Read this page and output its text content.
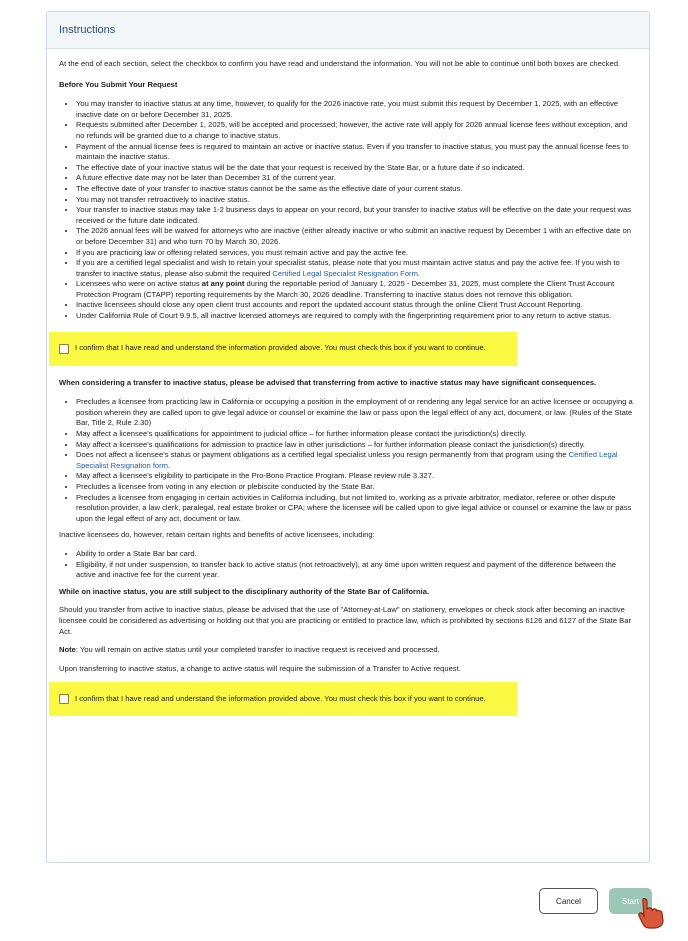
Instructions

At the end of each section, select the checkbox to confirm you have read and understand the information. You will not be able to continue until both boxes are checked.

Before You Submit Your Request
• You may transfer to inactive status at any time, however, to qualify for the 2026 inactive rate, you must submit this request by December 1, 2025, with an effective inactive date on or before December 31, 2025.
• Requests submitted after December 1, 2025, will be accepted and processed; however, the active rate will apply for 2026 annual license fees without exception, and no refunds will be granted due to a change to inactive status.
• Payment of the annual license fees is required to maintain an active or inactive status. Even if you transfer to inactive status, you must pay the annual license fees to maintain the inactive status.
• The effective date of your inactive status will be the date that your request is received by the State Bar, or a future date if so indicated.
• A future effective date may not be later than December 31 of the current year.
• The effective date of your transfer to inactive status cannot be the same as the effective date of your current status.
• You may not transfer retroactively to inactive status.
• Your transfer to inactive status may take 1-2 business days to appear on your record, but your transfer to inactive status will be effective on the date your request was received or the future date indicated.
• The 2026 annual fees will be waived for attorneys who are inactive (either already inactive or who submit an inactive request by December 1 with an effective date on or before December 31) and who turn 70 by March 30, 2026.
• If you are practicing law or offering related services, you must remain active and pay the active fee.
• If you are a certified legal specialist and wish to retain your specialist status, please note that you must maintain active status and pay the active fee. If you wish to transfer to inactive status, please also submit the required Certified Legal Specialist Resignation Form.
• Licensees who were on active status at any point during the reportable period of January 1, 2025 - December 31, 2025, must complete the Client Trust Account Protection Program (CTAPP) reporting requirements by the March 30, 2026 deadline. Transferring to inactive status does not remove this obligation.
• Inactive licensees should close any open client trust accounts and report the updated account status through the online Client Trust Account Reporting.
• Under California Rule of Court 9.9.5, all inactive licensed attorneys are required to comply with the fingerprinting requirement prior to any return to active status.
I confirm that I have read and understand the information provided above. You must check this box if you want to continue.
When considering a transfer to inactive status, please be advised that transferring from active to inactive status may have significant consequences.
• Precludes a licensee from practicing law in California or occupying a position in the employment of or rendering any legal service for an active licensee or occupying a position wherein they are called upon to give legal advice or counsel or examine the law or pass upon the legal effect of any act, document, or law. (Rules of the State Bar, Title 2, Rule 2.30)
• May affect a licensee's qualifications for appointment to judicial office – for further information please contact the jurisdiction(s) directly.
• May affect a licensee's qualifications for admission to practice law in other jurisdictions – for further information please contact the jurisdiction(s) directly.
• Does not affect a licensee's status or payment obligations as a certified legal specialist unless you resign permanently from that program using the Certified Legal Specialist Resignation form.
• May affect a licensee's eligibility to participate in the Pro-Bono Practice Program. Please review rule 3.327.
• Precludes a licensee from voting in any election or plebiscite conducted by the State Bar.
• Precludes a licensee from engaging in certain activities in California including, but not limited to, working as a private arbitrator, mediator, referee or other dispute resolution provider, a law clerk, paralegal, real estate broker or CPA; where the licensee will be called upon to give legal advice or counsel or examine the law or pass upon the legal effect of any act, document or law.

Inactive licensees do, however, retain certain rights and benefits of active licensees, including:

• Ability to order a State Bar bar card.
• Eligibility, if not under suspension, to transfer back to active status (not retroactively), at any time upon written request and payment of the difference between the active and inactive fee for the current year.

While on inactive status, you are still subject to the disciplinary authority of the State Bar of California.

Should you transfer from active to inactive status, please be advised that the use of "Attorney-at-Law" on stationery, envelopes or check stock after becoming an inactive licensee could be considered as advertising or holding out that you are practicing or entitled to practice law, which is prohibited by sections 6126 and 6127 of the State Bar Act.

Note: You will remain on active status until your completed transfer to inactive request is received and processed.

Upon transferring to inactive status, a change to active status will require the submission of a Transfer to Active request.

I confirm that I have read and understand the information provided above. You must check this box if you want to continue.
Cancel	Start
